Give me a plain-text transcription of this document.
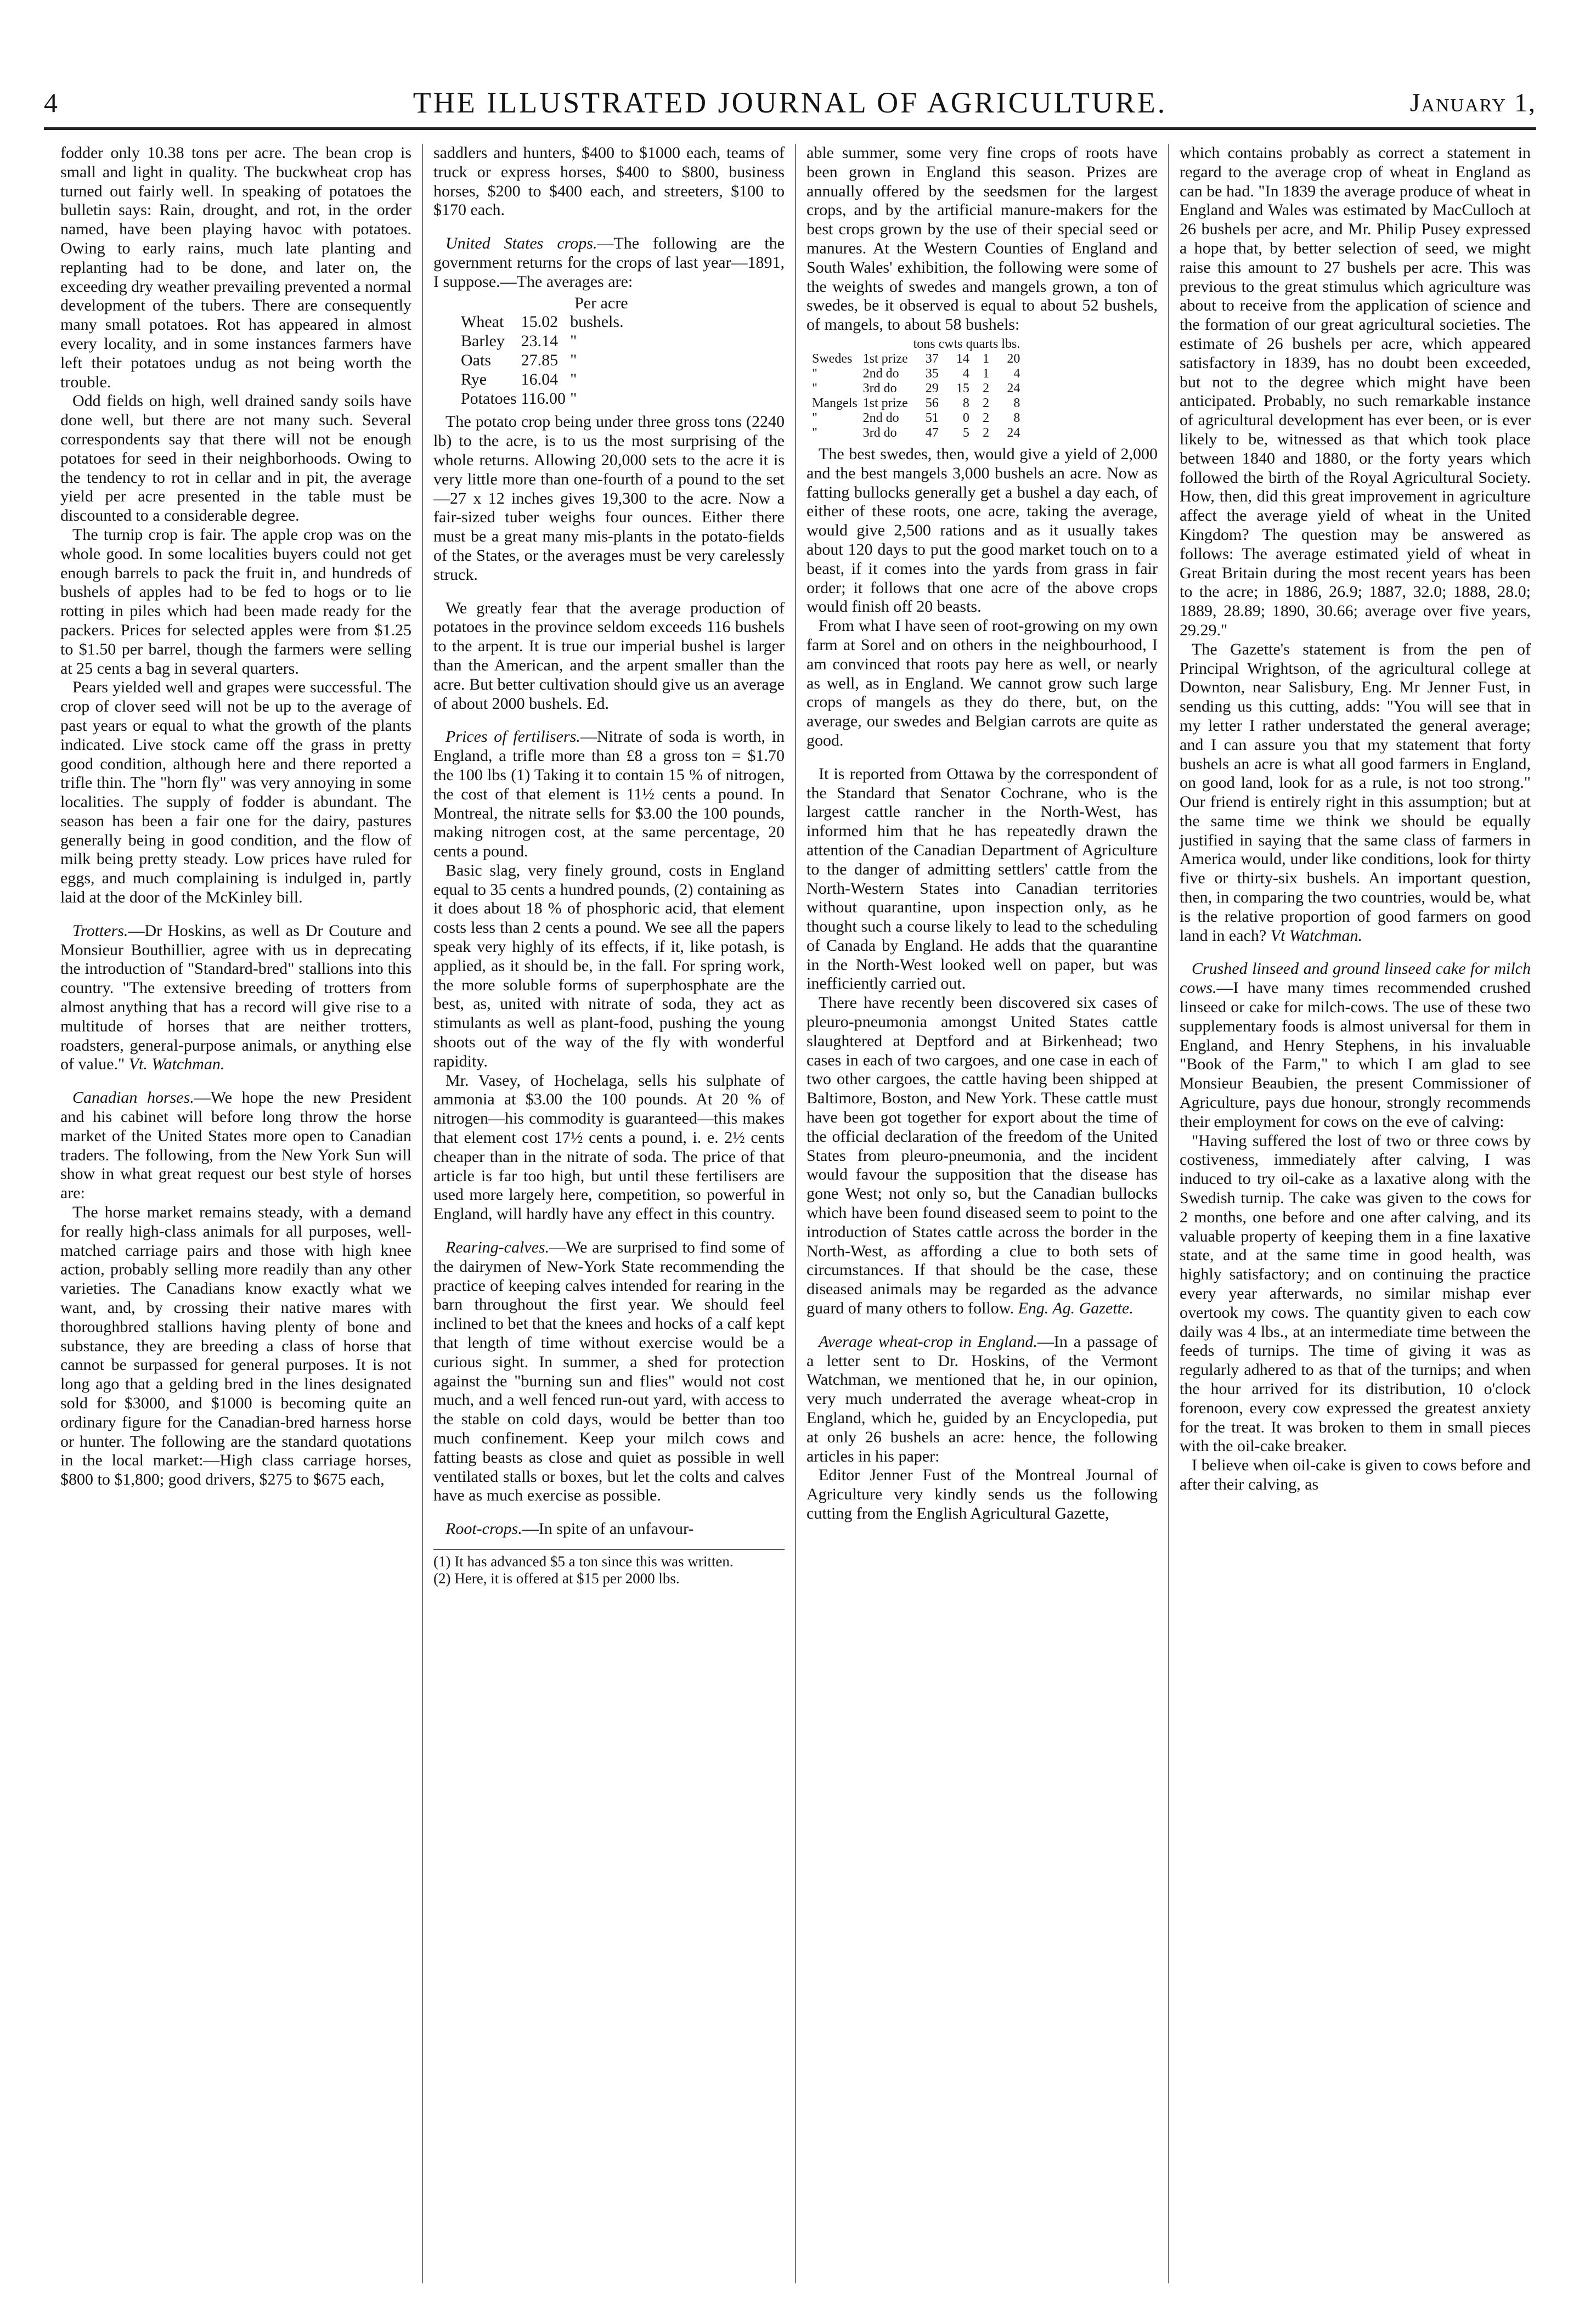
4	THE ILLUSTRATED JOURNAL OF AGRICULTURE.	January 1,

fodder only 10.38 tons per acre. The bean crop is small and light in quality. The buckwheat crop has turned out fairly well. In speaking of potatoes the bulletin says: Rain, drought, and rot, in the order named, have been playing havoc with potatoes. Owing to early rains, much late planting and replanting had to be done, and later on, the exceeding dry weather prevailing prevented a normal development of the tubers. There are consequently many small potatoes. Rot has appeared in almost every locality, and in some instances farmers have left their potatoes undug as not being worth the trouble.

Odd fields on high, well drained sandy soils have done well, but there are not many such. Several correspondents say that there will not be enough potatoes for seed in their neighborhoods. Owing to the tendency to rot in cellar and in pit, the average yield per acre presented in the table must be discounted to a considerable degree.

The turnip crop is fair. The apple crop was on the whole good. In some localities buyers could not get enough barrels to pack the fruit in, and hundreds of bushels of apples had to be fed to hogs or to lie rotting in piles which had been made ready for the packers. Prices for selected apples were from $1.25 to $1.50 per barrel, though the farmers were selling at 25 cents a bag in several quarters.

Pears yielded well and grapes were successful. The crop of clover seed will not be up to the average of past years or equal to what the growth of the plants indicated. Live stock came off the grass in pretty good condition, although here and there reported a trifle thin. The "horn fly" was very annoying in some localities. The supply of fodder is abundant. The season has been a fair one for the dairy, pastures generally being in good condition, and the flow of milk being pretty steady. Low prices have ruled for eggs, and much complaining is indulged in, partly laid at the door of the McKinley bill.

Trotters.—Dr Hoskins, as well as Dr Couture and Monsieur Bouthillier, agree with us in deprecating the introduction of "Standard-bred" stallions into this country. "The extensive breeding of trotters from almost anything that has a record will give rise to a multitude of horses that are neither trotters, roadsters, general-purpose animals, or anything else of value." Vt. Watchman.

Canadian horses.—We hope the new President and his cabinet will before long throw the horse market of the United States more open to Canadian traders. The following, from the New York Sun will show in what great request our best style of horses are:

The horse market remains steady, with a demand for really high-class animals for all purposes, well-matched carriage pairs and those with high knee action, probably selling more readily than any other varieties. The Canadians know exactly what we want, and, by crossing their native mares with thoroughbred stallions having plenty of bone and substance, they are breeding a class of horse that cannot be surpassed for general purposes. It is not long ago that a gelding bred in the lines designated sold for $3000, and $1000 is becoming quite an ordinary figure for the Canadian-bred harness horse or hunter. The following are the standard quotations in the local market:—High class carriage horses, $800 to $1,800; good drivers, $275 to $675 each,

saddlers and hunters, $400 to $1000 each, teams of truck or express horses, $400 to $800, business horses, $200 to $400 each, and streeters, $100 to $170 each.

United States crops.—The following are the government returns for the crops of last year—1891, I suppose.—The averages are:

	Per acre	
Wheat	15.02	bushels.
Barley	23.14	"
Oats	27.85	"
Rye	16.04	"
Potatoes	116.00	"

The potato crop being under three gross tons (2240 lb) to the acre, is to us the most surprising of the whole returns. Allowing 20,000 sets to the acre it is very little more than one-fourth of a pound to the set—27 x 12 inches gives 19,300 to the acre. Now a fair-sized tuber weighs four ounces. Either there must be a great many mis-plants in the potato-fields of the States, or the averages must be very carelessly struck.

We greatly fear that the average production of potatoes in the province seldom exceeds 116 bushels to the arpent. It is true our imperial bushel is larger than the American, and the arpent smaller than the acre. But better cultivation should give us an average of about 2000 bushels. Ed.

Prices of fertilisers.—Nitrate of soda is worth, in England, a trifle more than £8 a gross ton = $1.70 the 100 lbs (1) Taking it to contain 15 % of nitrogen, the cost of that element is 11½ cents a pound. In Montreal, the nitrate sells for $3.00 the 100 pounds, making nitrogen cost, at the same percentage, 20 cents a pound.

Basic slag, very finely ground, costs in England equal to 35 cents a hundred pounds, (2) containing as it does about 18 % of phosphoric acid, that element costs less than 2 cents a pound. We see all the papers speak very highly of its effects, if it, like potash, is applied, as it should be, in the fall. For spring work, the more soluble forms of superphosphate are the best, as, united with nitrate of soda, they act as stimulants as well as plant-food, pushing the young shoots out of the way of the fly with wonderful rapidity.

Mr. Vasey, of Hochelaga, sells his sulphate of ammonia at $3.00 the 100 pounds. At 20 % of nitrogen—his commodity is guaranteed—this makes that element cost 17½ cents a pound, i. e. 2½ cents cheaper than in the nitrate of soda. The price of that article is far too high, but until these fertilisers are used more largely here, competition, so powerful in England, will hardly have any effect in this country.

Rearing-calves.—We are surprised to find some of the dairymen of New-York State recommending the practice of keeping calves intended for rearing in the barn throughout the first year. We should feel inclined to bet that the knees and hocks of a calf kept that length of time without exercise would be a curious sight. In summer, a shed for protection against the "burning sun and flies" would not cost much, and a well fenced run-out yard, with access to the stable on cold days, would be better than too much confinement. Keep your milch cows and fatting beasts as close and quiet as possible in well ventilated stalls or boxes, but let the colts and calves have as much exercise as possible.

Root-crops.—In spite of an unfavour-

(1) It has advanced $5 a ton since this was written.
(2) Here, it is offered at $15 per 2000 lbs.

able summer, some very fine crops of roots have been grown in England this season. Prizes are annually offered by the seedsmen for the largest crops, and by the artificial manure-makers for the best crops grown by the use of their special seed or manures. At the Western Counties of England and South Wales' exhibition, the following were some of the weights of swedes and mangels grown, a ton of swedes, be it observed is equal to about 52 bushels, of mangels, to about 58 bushels:

		tons cwts quarts lbs.			
Swedes	1st prize	37	14	1	20
"	2nd do	35	4	1	4
"	3rd do	29	15	2	24
Mangels	1st prize	56	8	2	8
"	2nd do	51	0	2	8
"	3rd do	47	5	2	24

The best swedes, then, would give a yield of 2,000 and the best mangels 3,000 bushels an acre. Now as fatting bullocks generally get a bushel a day each, of either of these roots, one acre, taking the average, would give 2,500 rations and as it usually takes about 120 days to put the good market touch on to a beast, if it comes into the yards from grass in fair order; it follows that one acre of the above crops would finish off 20 beasts.

From what I have seen of root-growing on my own farm at Sorel and on others in the neighbourhood, I am convinced that roots pay here as well, or nearly as well, as in England. We cannot grow such large crops of mangels as they do there, but, on the average, our swedes and Belgian carrots are quite as good.

It is reported from Ottawa by the correspondent of the Standard that Senator Cochrane, who is the largest cattle rancher in the North-West, has informed him that he has repeatedly drawn the attention of the Canadian Department of Agriculture to the danger of admitting settlers' cattle from the North-Western States into Canadian territories without quarantine, upon inspection only, as he thought such a course likely to lead to the scheduling of Canada by England. He adds that the quarantine in the North-West looked well on paper, but was inefficiently carried out.

There have recently been discovered six cases of pleuro-pneumonia amongst United States cattle slaughtered at Deptford and at Birkenhead; two cases in each of two cargoes, and one case in each of two other cargoes, the cattle having been shipped at Baltimore, Boston, and New York. These cattle must have been got together for export about the time of the official declaration of the freedom of the United States from pleuro-pneumonia, and the incident would favour the supposition that the disease has gone West; not only so, but the Canadian bullocks which have been found diseased seem to point to the introduction of States cattle across the border in the North-West, as affording a clue to both sets of circumstances. If that should be the case, these diseased animals may be regarded as the advance guard of many others to follow. Eng. Ag. Gazette.

Average wheat-crop in England.—In a passage of a letter sent to Dr. Hoskins, of the Vermont Watchman, we mentioned that he, in our opinion, very much underrated the average wheat-crop in England, which he, guided by an Encyclopedia, put at only 26 bushels an acre: hence, the following articles in his paper:

Editor Jenner Fust of the Montreal Journal of Agriculture very kindly sends us the following cutting from the English Agricultural Gazette,

which contains probably as correct a statement in regard to the average crop of wheat in England as can be had. "In 1839 the average produce of wheat in England and Wales was estimated by MacCulloch at 26 bushels per acre, and Mr. Philip Pusey expressed a hope that, by better selection of seed, we might raise this amount to 27 bushels per acre. This was previous to the great stimulus which agriculture was about to receive from the application of science and the formation of our great agricultural societies. The estimate of 26 bushels per acre, which appeared satisfactory in 1839, has no doubt been exceeded, but not to the degree which might have been anticipated. Probably, no such remarkable instance of agricultural development has ever been, or is ever likely to be, witnessed as that which took place between 1840 and 1880, or the forty years which followed the birth of the Royal Agricultural Society. How, then, did this great improvement in agriculture affect the average yield of wheat in the United Kingdom? The question may be answered as follows: The average estimated yield of wheat in Great Britain during the most recent years has been to the acre; in 1886, 26.9; 1887, 32.0; 1888, 28.0; 1889, 28.89; 1890, 30.66; average over five years, 29.29."

The Gazette's statement is from the pen of Principal Wrightson, of the agricultural college at Downton, near Salisbury, Eng. Mr Jenner Fust, in sending us this cutting, adds: "You will see that in my letter I rather understated the general average; and I can assure you that my statement that forty bushels an acre is what all good farmers in England, on good land, look for as a rule, is not too strong." Our friend is entirely right in this assumption; but at the same time we think we should be equally justified in saying that the same class of farmers in America would, under like conditions, look for thirty five or thirty-six bushels. An important question, then, in comparing the two countries, would be, what is the relative proportion of good farmers on good land in each? Vt Watchman.

Crushed linseed and ground linseed cake for milch cows.—I have many times recommended crushed linseed or cake for milch-cows. The use of these two supplementary foods is almost universal for them in England, and Henry Stephens, in his invaluable "Book of the Farm," to which I am glad to see Monsieur Beaubien, the present Commissioner of Agriculture, pays due honour, strongly recommends their employment for cows on the eve of calving:

"Having suffered the lost of two or three cows by costiveness, immediately after calving, I was induced to try oil-cake as a laxative along with the Swedish turnip. The cake was given to the cows for 2 months, one before and one after calving, and its valuable property of keeping them in a fine laxative state, and at the same time in good health, was highly satisfactory; and on continuing the practice every year afterwards, no similar mishap ever overtook my cows. The quantity given to each cow daily was 4 lbs., at an intermediate time between the feeds of turnips. The time of giving it was as regularly adhered to as that of the turnips; and when the hour arrived for its distribution, 10 o'clock forenoon, every cow expressed the greatest anxiety for the treat. It was broken to them in small pieces with the oil-cake breaker.

I believe when oil-cake is given to cows before and after their calving, as
